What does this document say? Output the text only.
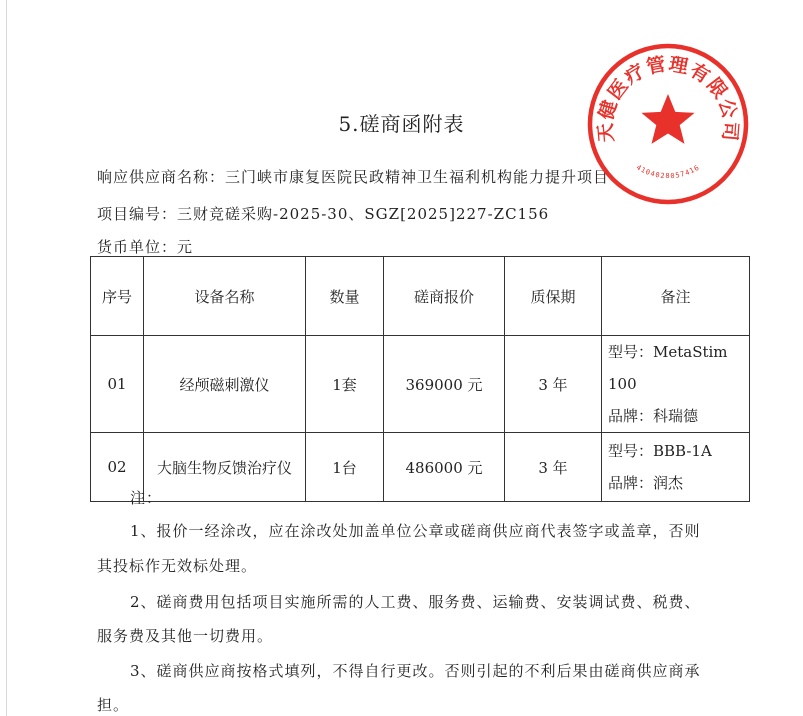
5.磋商函附表
响应供应商名称：三门峡市康复医院民政精神卫生福利机构能力提升项目
项目编号：三财竞磋采购-2025-30、SGZ[2025]227-ZC156
货币单位：元
序号	设备名称	数量	磋商报价	质保期	备注
01	经颅磁刺激仪	1套	369000 元	3 年	型号：MetaStim 100
品牌：科瑞德

02	大脑生物反馈治疗仪	1台	486000 元	3 年	型号：BBB-1A
品牌：润杰
注：
1、报价一经涂改，应在涂改处加盖单位公章或磋商供应商代表签字或盖章，否则
其投标作无效标处理。
2、磋商费用包括项目实施所需的人工费、服务费、运输费、安装调试费、税费、
服务费及其他一切费用。
3、磋商供应商按格式填列，不得自行更改。否则引起的不利后果由磋商供应商承
担。
天健医疗管理有限公司
4104028057416
